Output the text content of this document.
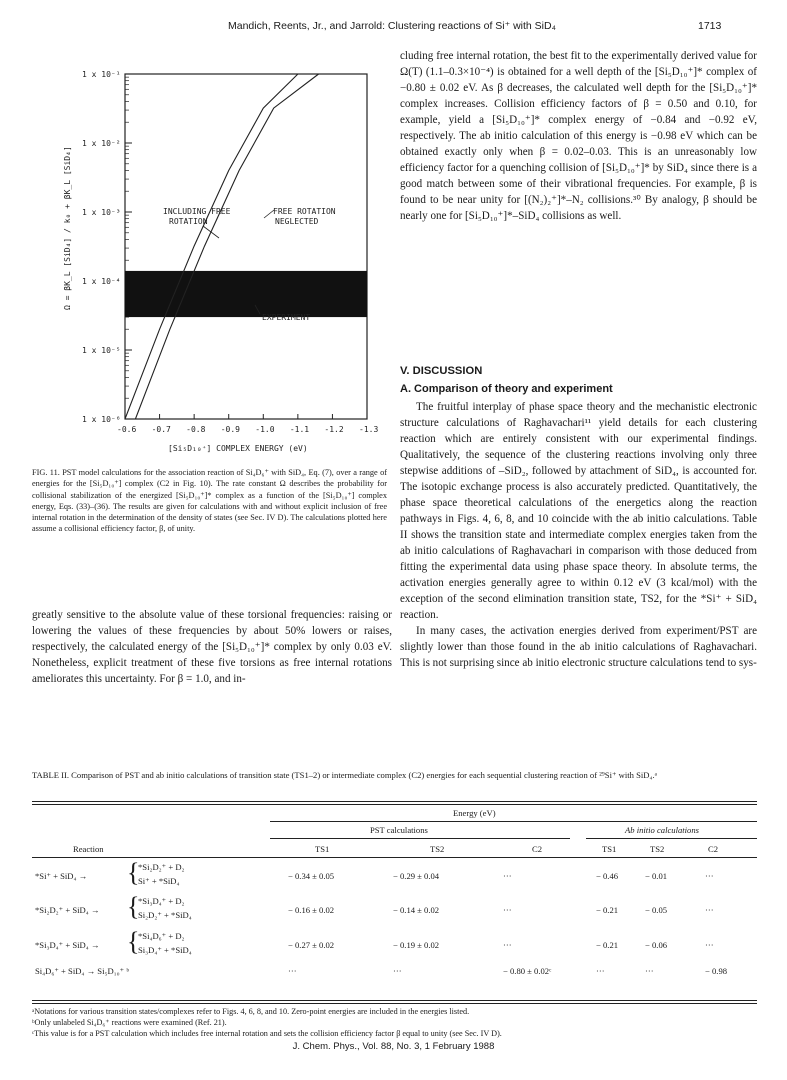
Mandich, Reents, Jr., and Jarrold: Clustering reactions of Si⁺ with SiD₄	1713
1 x 10⁻¹
1 x 10⁻²
1 x 10⁻³
1 x 10⁻⁴
1 x 10⁻⁵
1 x 10⁻⁶
-0.6 -0.7 -0.8 -0.9 -1.0 -1.1 -1.2 -1.3
INCLUDING FREE
ROTATION
FREE ROTATION
NEGLECTED
EXPERIMENT
[Si₅D₁₀⁺] COMPLEX ENERGY (eV)
Ω = βK_L [SiD₄] / k₀ + βK_L [SiD₄]
FIG. 11. PST model calculations for the association reaction of Si₄D₆⁺ with SiD₄, Eq. (7), over a range of energies for the [Si₅D₁₀⁺] complex (C2 in Fig. 10). The rate constant Ω describes the probability for collisional stabilization of the energized [Si₅D₁₀⁺]* complex as a function of the [Si₅D₁₀⁺] complex energy, Eqs. (33)–(36). The results are given for calculations with and without explicit inclusion of free internal rotation in the determination of the density of states (see Sec. IV D). The calculations plotted here assume a collisional efficiency factor, β, of unity.

greatly sensitive to the absolute value of these torsional frequencies: raising or lowering the values of these frequencies by about 50% lowers or raises, respectively, the calculated energy of the [Si₅D₁₀⁺]* complex by only 0.03 eV. Nonetheless, explicit treatment of these five torsions as free internal rotations ameliorates this uncertainty. For β = 1.0, and in-

cluding free internal rotation, the best fit to the experimentally derived value for Ω(T) (1.1–0.3×10⁻⁴) is obtained for a well depth of the [Si₅D₁₀⁺]* complex of −0.80 ± 0.02 eV. As β decreases, the calculated well depth for the [Si₅D₁₀⁺]* complex increases. Collision efficiency factors of β = 0.50 and 0.10, for example, yield a [Si₅D₁₀⁺]* complex energy of −0.84 and −0.92 eV, respectively. The ab initio calculation of this energy is −0.98 eV which can be obtained exactly only when β = 0.02–0.03. This is an unreasonably low efficiency factor for a quenching collision of [Si₅D₁₀⁺]* by SiD₄ since there is a good match between some of their vibrational frequencies. For example, β is found to be near unity for [(N₂)₂⁺]*–N₂ collisions.³⁰ By analogy, β should be nearly one for [Si₅D₁₀⁺]*–SiD₄ collisions as well.

V. DISCUSSION
A. Comparison of theory and experiment

The fruitful interplay of phase space theory and the mechanistic electronic structure calculations of Raghavachari¹¹ yield details for each clustering reaction which are entirely consistent with our experimental findings. Qualitatively, the sequence of the clustering reactions involving only three stepwise additions of –SiD₂, followed by attachment of SiD₄, is accounted for. The isotopic exchange process is also accurately predicted. Quantitatively, the phase space theoretical calculations of the energetics along the reaction pathways in Figs. 4, 6, 8, and 10 coincide with the ab initio calculations. Table II shows the transition state and intermediate complex energies taken from the ab initio calculations of Raghavachari in comparison with those deduced from fitting the experimental data using phase space theory. In absolute terms, the activation energies generally agree to within 0.12 eV (3 kcal/mol) with the exception of the second elimination transition state, TS2, for the *Si⁺ + SiD₄ reaction.

In many cases, the activation energies derived from experiment/PST are slightly lower than those found in the ab initio calculations of Raghavachari. This is not surprising since ab initio electronic structure calculations tend to sys-

TABLE II. Comparison of PST and ab initio calculations of transition state (TS1–2) or intermediate complex (C2) energies for each sequential clustering reaction of ²⁹Si⁺ with SiD₄.ᵃ
Energy (eV)
PST calculations	Ab initio calculations
Reaction	TS1	TS2	C2	TS1	TS2	C2
*Si⁺ + SiD₄ → {
*Si₂D₂⁺ + D₂
Si⁺ + *SiD₄	− 0.34 ± 0.05	− 0.29 ± 0.04	···	− 0.46	− 0.01	···
*Si₂D₂⁺ + SiD₄ → {
*Si₃D₄⁺ + D₂
Si₂D₂⁺ + *SiD₄	− 0.16 ± 0.02	− 0.14 ± 0.02	···	− 0.21	− 0.05	···
*Si₃D₄⁺ + SiD₄ → {
*Si₄D₆⁺ + D₂
Si₃D₄⁺ + *SiD₄	− 0.27 ± 0.02	− 0.19 ± 0.02	···	− 0.21	− 0.06	···
Si₄D₆⁺ + SiD₄ → Si₅D₁₀⁺ ᵇ	···	···	− 0.80 ± 0.02ᶜ	···	···	− 0.98
ᵃNotations for various transition states/complexes refer to Figs. 4, 6, 8, and 10. Zero-point energies are included in the energies listed.
ᵇOnly unlabeled Si₄D₆⁺ reactions were examined (Ref. 21).
ᶜThis value is for a PST calculation which includes free internal rotation and sets the collision efficiency factor β equal to unity (see Sec. IV D).
J. Chem. Phys., Vol. 88, No. 3, 1 February 1988
